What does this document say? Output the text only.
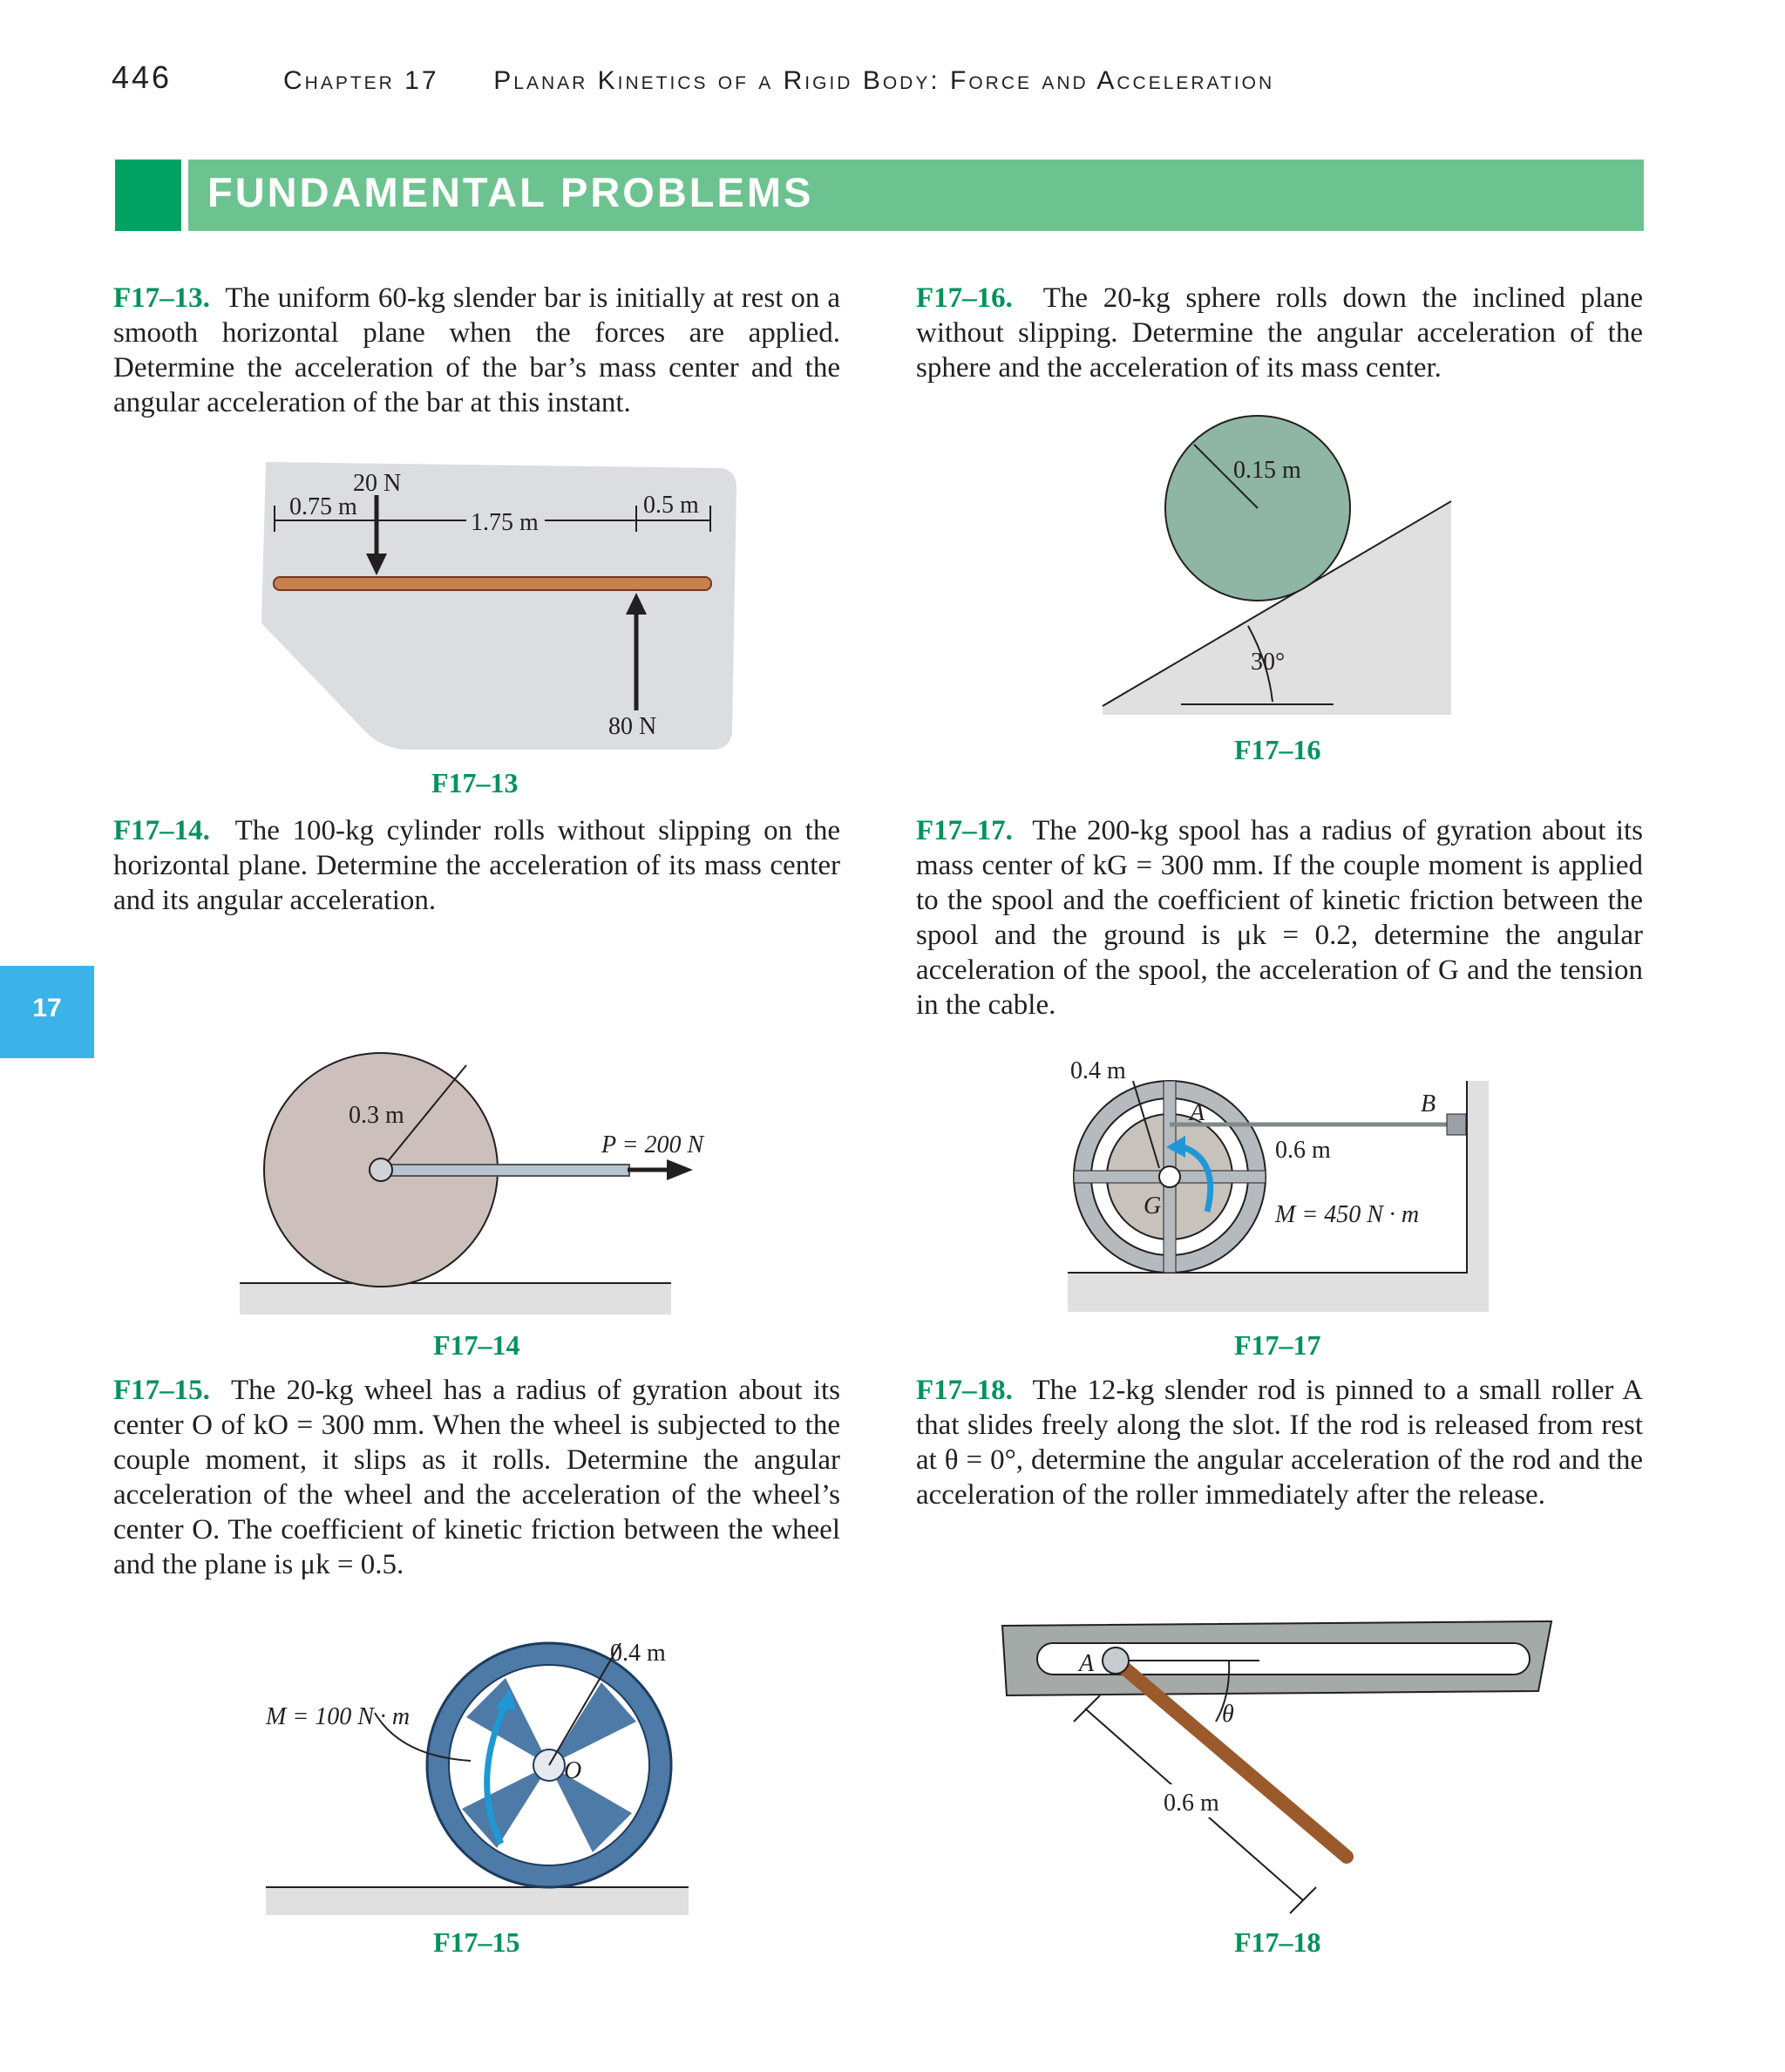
446	Chapter 17 Planar Kinetics of a Rigid Body: Force and Acceleration
FUNDAMENTAL PROBLEMS
17
F17–13. The uniform 60-kg slender bar is initially at rest on a smooth horizontal plane when the forces are applied. Determine the acceleration of the bar’s mass center and the angular acceleration of the bar at this instant.
20 N
0.75 m
1.75 m
0.5 m
80 N
F17–13
F17–14. The 100-kg cylinder rolls without slipping on the horizontal plane. Determine the acceleration of its mass center and its angular acceleration.
0.3 m
P = 200 N
F17–14
F17–15. The 20-kg wheel has a radius of gyration about its center O of kO = 300 mm. When the wheel is subjected to the couple moment, it slips as it rolls. Determine the angular acceleration of the wheel and the acceleration of the wheel’s center O. The coefficient of kinetic friction between the wheel and the plane is μk = 0.5.
0.4 m
M = 100 N · m
O
F17–15
F17–16. The 20-kg sphere rolls down the inclined plane without slipping. Determine the angular acceleration of the sphere and the acceleration of its mass center.
0.15 m
30°
F17–16
F17–17. The 200-kg spool has a radius of gyration about its mass center of kG = 300 mm. If the couple moment is applied to the spool and the coefficient of kinetic friction between the spool and the ground is μk = 0.2, determine the angular acceleration of the spool, the acceleration of G and the tension in the cable.
0.4 m
A	B
0.6 m
G	M = 450 N · m
F17–17
F17–18. The 12-kg slender rod is pinned to a small roller A that slides freely along the slot. If the rod is released from rest at θ = 0°, determine the angular acceleration of the rod and the acceleration of the roller immediately after the release.
A
θ
0.6 m
F17–18
